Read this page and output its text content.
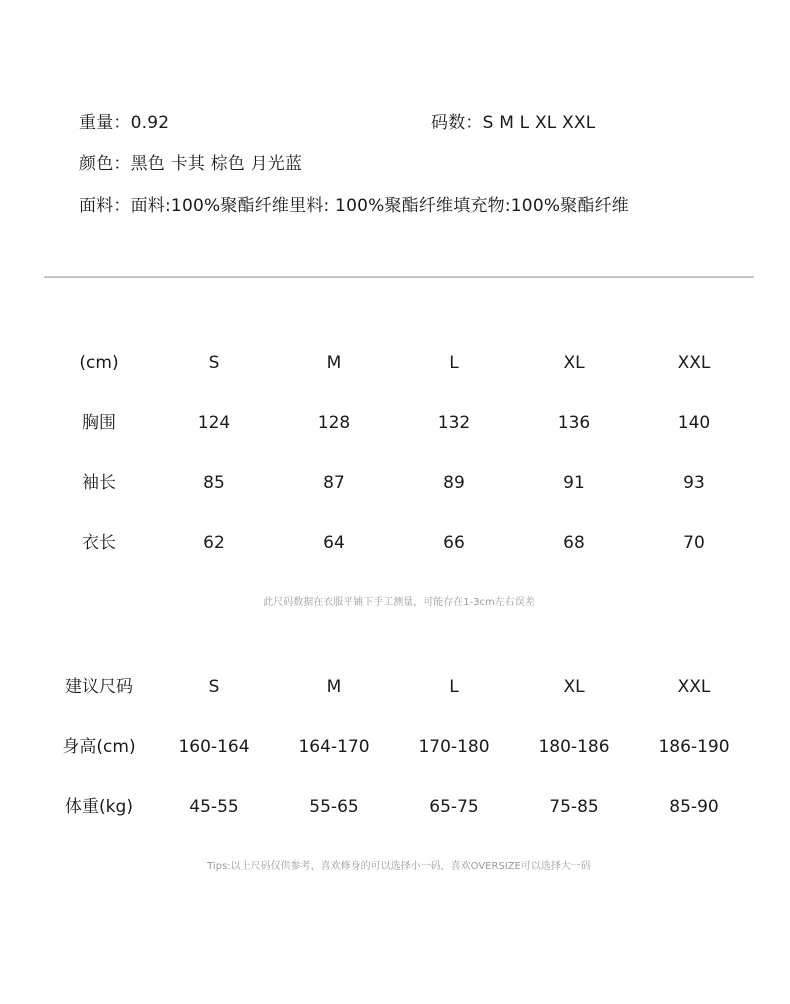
重量：0.92	码数：S M L XL XXL
颜色：黑色 卡其 棕色 月光蓝
面料：面料:100%聚酯纤维里料: 100%聚酯纤维填充物:100%聚酯纤维
(cm)	S	M	L	XL	XXL
胸围	124	128	132	136	140
袖长	85	87	89	91	93
衣长	62	64	66	68	70
此尺码数据在衣服平铺下手工测量，可能存在1-3cm左右误差
建议尺码	S	M	L	XL	XXL
身高(cm)	160-164	164-170	170-180	180-186	186-190
体重(kg)	45-55	55-65	65-75	75-85	85-90
Tips:以上尺码仅供参考，喜欢修身的可以选择小一码，喜欢OVERSIZE可以选择大一码
